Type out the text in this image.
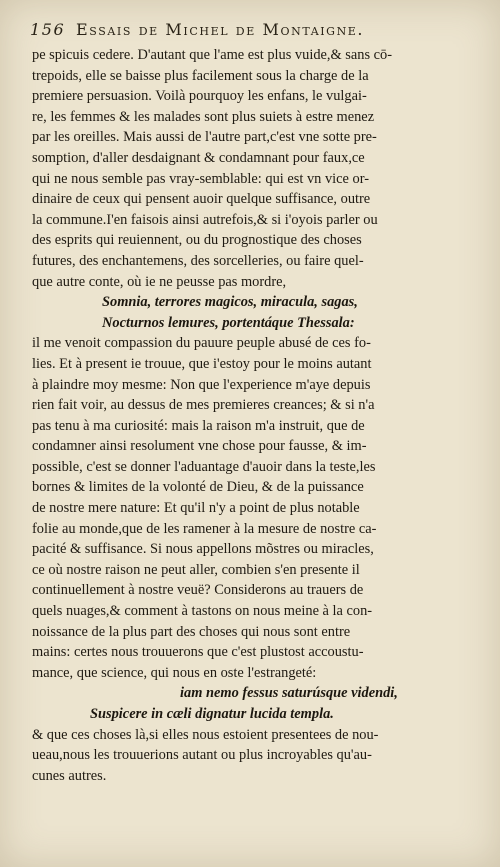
156 Essais de Michel de Montaigne.
pe spicuis cedere. D'autant que l'ame est plus vuide,& sans cō-
trepoids, elle se baisse plus facilement sous la charge de la
premiere persuasion. Voilà pourquoy les enfans, le vulgai-
re, les femmes & les malades sont plus suiets à estre menez
par les oreilles. Mais aussi de l'autre part,c'est vne sotte pre-
somption, d'aller desdaignant & condamnant pour faux,ce
qui ne nous semble pas vray-semblable: qui est vn vice or-
dinaire de ceux qui pensent auoir quelque suffisance, outre
la commune.I'en faisois ainsi autrefois,& si i'oyois parler ou
des esprits qui reuiennent, ou du prognostique des choses
futures, des enchantemens, des sorcelleries, ou faire quel-
que autre conte, où ie ne peusse pas mordre,
Somnia, terrores magicos, miracula, sagas,
Nocturnos lemures, portentáque Thessala:
il me venoit compassion du pauure peuple abusé de ces fo-
lies. Et à present ie trouue, que i'estoy pour le moins autant
à plaindre moy mesme: Non que l'experience m'aye depuis
rien fait voir, au dessus de mes premieres creances; & si n'a
pas tenu à ma curiosité: mais la raison m'a instruit, que de
condamner ainsi resolument vne chose pour fausse, & im-
possible, c'est se donner l'aduantage d'auoir dans la teste,les
bornes & limites de la volonté de Dieu, & de la puissance
de nostre mere nature: Et qu'il n'y a point de plus notable
folie au monde,que de les ramener à la mesure de nostre ca-
pacité & suffisance. Si nous appellons mõstres ou miracles,
ce où nostre raison ne peut aller, combien s'en presente il
continuellement à nostre veuë? Considerons au trauers de
quels nuages,& comment à tastons on nous meine à la con-
noissance de la plus part des choses qui nous sont entre
mains: certes nous trouuerons que c'est plustost accoustu-
mance, que science, qui nous en oste l'estrangeté:
iam nemo fessus saturúsque videndi,
Suspicere in cæli dignatur lucida templa.
& que ces choses là,si elles nous estoient presentees de nou-
ueau,nous les trouuerions autant ou plus incroyables qu'au-
cunes autres.
